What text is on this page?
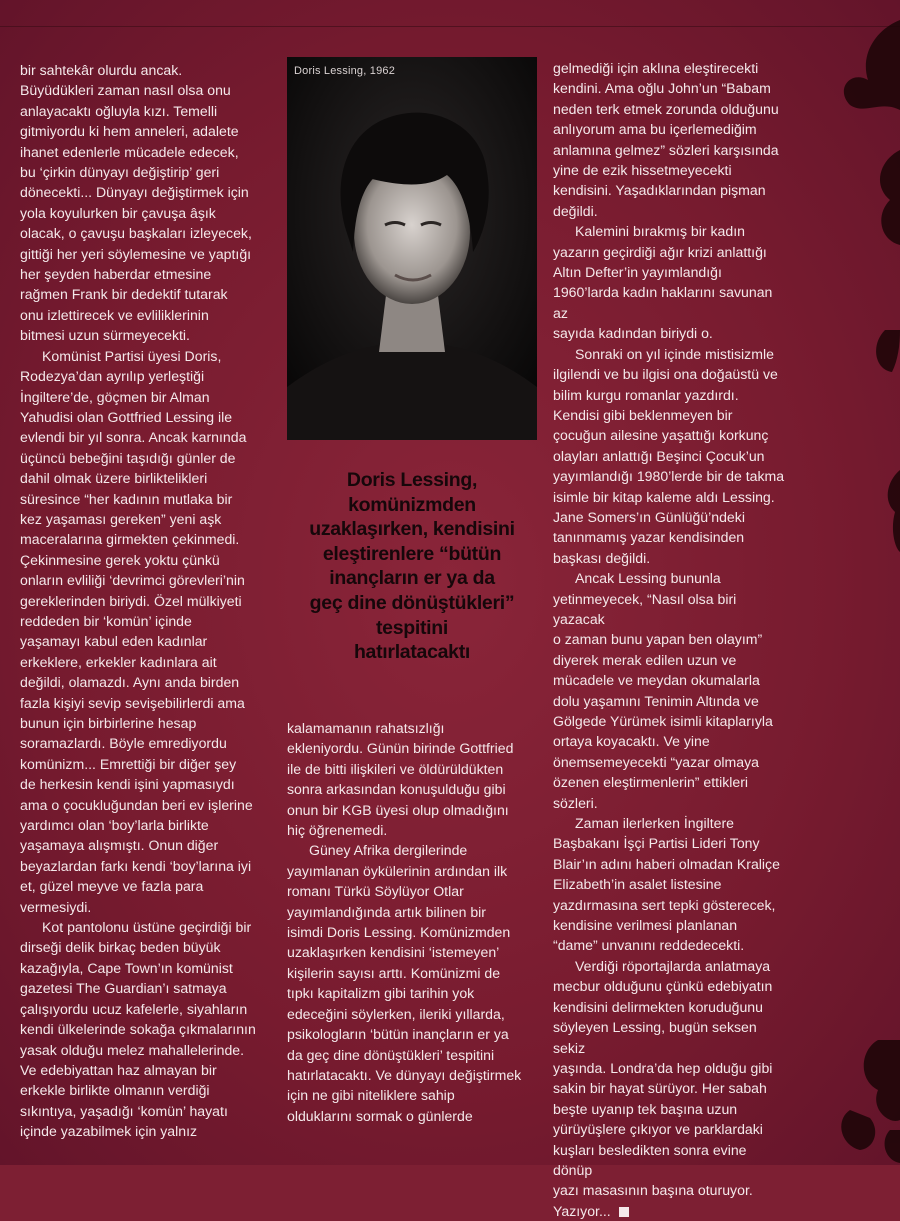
bir sahtekâr olurdu ancak.
Büyüdükleri zaman nasıl olsa onu
anlayacaktı oğluyla kızı. Temelli
gitmiyordu ki hem anneleri, adalete
ihanet edenlerle mücadele edecek,
bu ‘çirkin dünyayı değiştirip’ geri
dönecekti... Dünyayı değiştirmek için
yola koyulurken bir çavuşa âşık
olacak, o çavuşu başkaları izleyecek,
gittiği her yeri söylemesine ve yaptığı
her şeyden haberdar etmesine
rağmen Frank bir dedektif tutarak
onu izlettirecek ve evliliklerinin
bitmesi uzun sürmeyecekti.

Komünist Partisi üyesi Doris,
Rodezya’dan ayrılıp yerleştiği
İngiltere’de, göçmen bir Alman
Yahudisi olan Gottfried Lessing ile
evlendi bir yıl sonra. Ancak karnında
üçüncü bebeğini taşıdığı günler de
dahil olmak üzere birliktelikleri
süresince “her kadının mutlaka bir
kez yaşaması gereken” yeni aşk
maceralarına girmekten çekinmedi.
Çekinmesine gerek yoktu çünkü
onların evliliği ‘devrimci görevleri’nin
gereklerinden biriydi. Özel mülkiyeti
reddeden bir ‘komün’ içinde
yaşamayı kabul eden kadınlar
erkeklere, erkekler kadınlara ait
değildi, olamazdı. Aynı anda birden
fazla kişiyi sevip sevişebilirlerdi ama
bunun için birbirlerine hesap
soramazlardı. Böyle emrediyordu
komünizm... Emrettiği bir diğer şey
de herkesin kendi işini yapmasıydı
ama o çocukluğundan beri ev işlerine
yardımcı olan ‘boy’larla birlikte
yaşamaya alışmıştı. Onun diğer
beyazlardan farkı kendi ‘boy’larına iyi
et, güzel meyve ve fazla para
vermesiydi.

Kot pantolonu üstüne geçirdiği bir
dirseği delik birkaç beden büyük
kazağıyla, Cape Town’ın komünist
gazetesi The Guardian’ı satmaya
çalışıyordu ucuz kafelerle, siyahların
kendi ülkelerinde sokağa çıkmalarının
yasak olduğu melez mahallelerinde.
Ve edebiyattan haz almayan bir
erkekle birlikte olmanın verdiği
sıkıntıya, yaşadığı ‘komün’ hayatı
içinde yazabilmek için yalnız

Doris Lessing, 1962
Doris Lessing,
komünizmden
uzaklaşırken, kendisini
eleştirenlere “bütün
inançların er ya da
geç dine dönüştükleri”
tespitini
hatırlatacaktı

kalamamanın rahatsızlığı
ekleniyordu. Günün birinde Gottfried
ile de bitti ilişkileri ve öldürüldükten
sonra arkasından konuşulduğu gibi
onun bir KGB üyesi olup olmadığını
hiç öğrenemedi.

Güney Afrika dergilerinde
yayımlanan öykülerinin ardından ilk
romanı Türkü Söylüyor Otlar
yayımlandığında artık bilinen bir
isimdi Doris Lessing. Komünizmden
uzaklaşırken kendisini ‘istemeyen’
kişilerin sayısı arttı. Komünizmi de
tıpkı kapitalizm gibi tarihin yok
edeceğini söylerken, ileriki yıllarda,
psikologların ‘bütün inançların er ya
da geç dine dönüştükleri’ tespitini
hatırlatacaktı. Ve dünyayı değiştirmek
için ne gibi niteliklere sahip
olduklarını sormak o günlerde

gelmediği için aklına eleştirecekti
kendini. Ama oğlu John’un “Babam
neden terk etmek zorunda olduğunu
anlıyorum ama bu içerlemediğim
anlamına gelmez” sözleri karşısında
yine de ezik hissetmeyecekti
kendisini. Yaşadıklarından pişman
değildi.

Kalemini bırakmış bir kadın
yazarın geçirdiği ağır krizi anlattığı
Altın Defter’in yayımlandığı
1960’larda kadın haklarını savunan az
sayıda kadından biriydi o.

Sonraki on yıl içinde mistisizmle
ilgilendi ve bu ilgisi ona doğaüstü ve
bilim kurgu romanlar yazdırdı.
Kendisi gibi beklenmeyen bir
çocuğun ailesine yaşattığı korkunç
olayları anlattığı Beşinci Çocuk’un
yayımlandığı 1980’lerde bir de takma
isimle bir kitap kaleme aldı Lessing.
Jane Somers’ın Günlüğü’ndeki
tanınmamış yazar kendisinden
başkası değildi.

Ancak Lessing bununla
yetinmeyecek, “Nasıl olsa biri yazacak
o zaman bunu yapan ben olayım”
diyerek merak edilen uzun ve
mücadele ve meydan okumalarla
dolu yaşamını Tenimin Altında ve
Gölgede Yürümek isimli kitaplarıyla
ortaya koyacaktı. Ve yine
önemsemeyecekti “yazar olmaya
özenen eleştirmenlerin” ettikleri
sözleri.

Zaman ilerlerken İngiltere
Başbakanı İşçi Partisi Lideri Tony
Blair’ın adını haberi olmadan Kraliçe
Elizabeth’in asalet listesine
yazdırmasına sert tepki gösterecek,
kendisine verilmesi planlanan
“dame” unvanını reddedecekti.

Verdiği röportajlarda anlatmaya
mecbur olduğunu çünkü edebiyatın
kendisini delirmekten koruduğunu
söyleyen Lessing, bugün seksen sekiz
yaşında. Londra’da hep olduğu gibi
sakin bir hayat sürüyor. Her sabah
beşte uyanıp tek başına uzun
yürüyüşlere çıkıyor ve parklardaki
kuşları besledikten sonra evine dönüp
yazı masasının başına oturuyor.
Yazıyor...
